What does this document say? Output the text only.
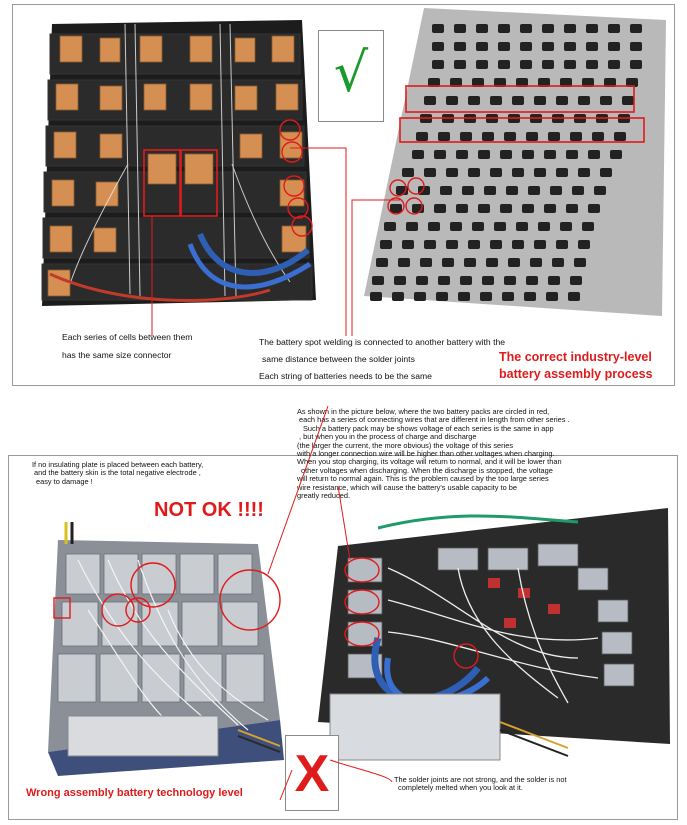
√
Each series of cells between them
has the same size connector
The battery spot welding is connected to another battery with the
same distance between the solder joints
Each string of batteries needs to be the same
The correct industry-level
battery assembly process
As shown in the picture below, where the two battery packs are circled in red,
each has a series of connecting wires that are different in length from other series .
Such a battery pack may be shows voltage of each series is the same in app
, but when you in the process of charge and discharge
(the larger the current, the more obvious) the voltage of this series
with a longer connection wire will be higher than other voltages when charging.
When you stop charging, its voltage will return to normal, and it will be lower than
other voltages when discharging. When the discharge is stopped, the voltage
will return to normal again. This is the problem caused by the too large series
wire resistance, which will cause the battery's usable capacity to be
greatly reduced.
If no insulating plate is placed between each battery,
and the battery skin is the total negative electrode ,
easy to damage !
NOT OK !!!!
X
Wrong assembly battery technology level
The solder joints are not strong, and the solder is not
completely melted when you look at it.
